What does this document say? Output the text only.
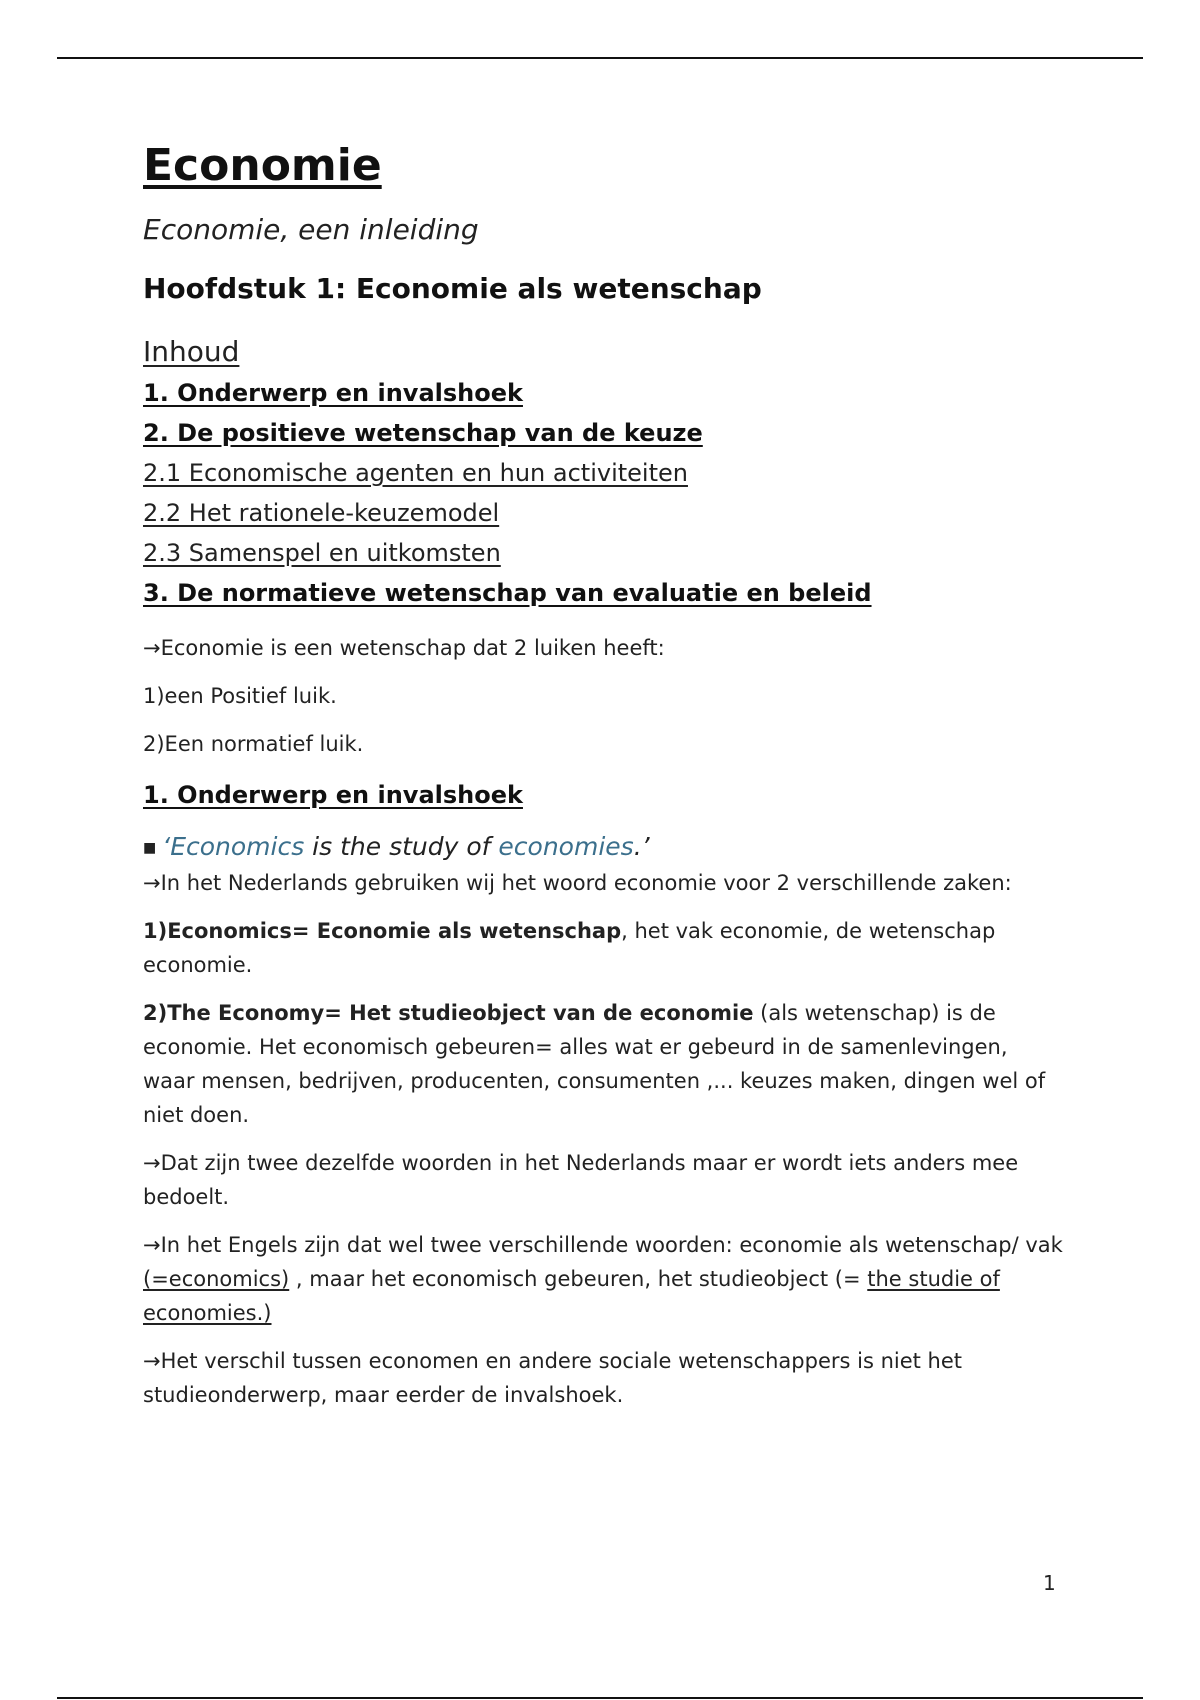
Economie
Economie, een inleiding
Hoofdstuk 1: Economie als wetenschap
Inhoud
1. Onderwerp en invalshoek
2. De positieve wetenschap van de keuze
2.1 Economische agenten en hun activiteiten
2.2 Het rationele-keuzemodel
2.3 Samenspel en uitkomsten
3. De normatieve wetenschap van evaluatie en beleid
→Economie is een wetenschap dat 2 luiken heeft:
1)een Positief luik.
2)Een normatief luik.
1. Onderwerp en invalshoek
■ ‘Economics is the study of economies.’
→In het Nederlands gebruiken wij het woord economie voor 2 verschillende zaken:
1)Economics= Economie als wetenschap, het vak economie, de wetenschap economie.
2)The Economy= Het studieobject van de economie (als wetenschap) is de economie. Het economisch gebeuren= alles wat er gebeurd in de samenlevingen, waar mensen, bedrijven, producenten, consumenten ,... keuzes maken, dingen wel of niet doen.
→Dat zijn twee dezelfde woorden in het Nederlands maar er wordt iets anders mee bedoelt.
→In het Engels zijn dat wel twee verschillende woorden: economie als wetenschap/ vak (=economics) , maar het economisch gebeuren, het studieobject (= the studie of economies.)
→Het verschil tussen economen en andere sociale wetenschappers is niet het studieonderwerp, maar eerder de invalshoek.
1
